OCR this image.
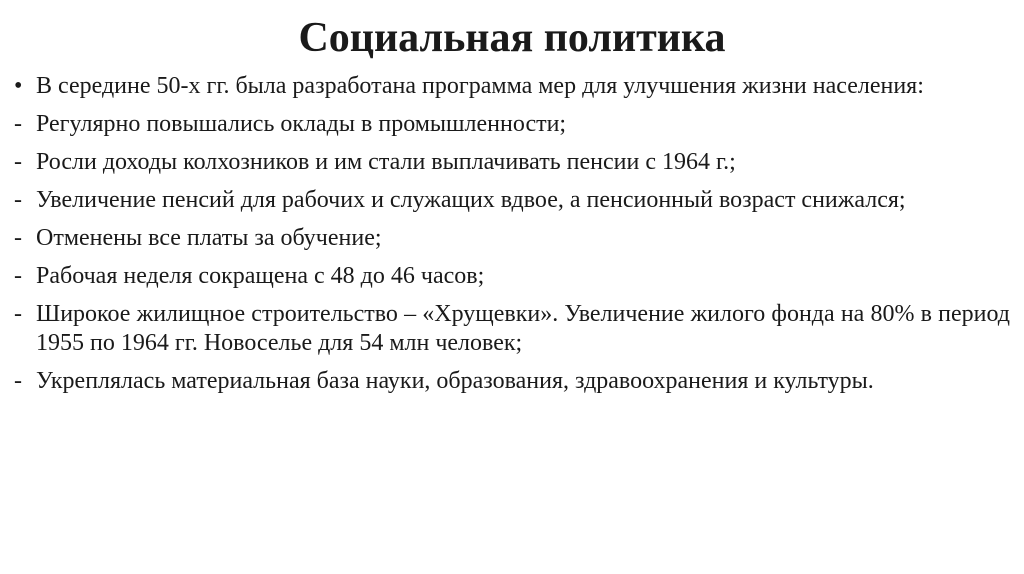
Социальная политика
• В середине 50-х гг. была разработана программа мер для улучшения жизни населения:
- Регулярно повышались оклады в промышленности;
- Росли доходы колхозников и им стали выплачивать пенсии с 1964 г.;
- Увеличение пенсий для рабочих и служащих вдвое, а пенсионный возраст снижался;
- Отменены все платы за обучение;
- Рабочая неделя сокращена с 48 до 46 часов;
- Широкое жилищное строительство – «Хрущевки». Увеличение жилого фонда на 80% в период 1955 по 1964 гг. Новоселье для 54 млн человек;
- Укреплялась материальная база науки, образования, здравоохранения и культуры.
